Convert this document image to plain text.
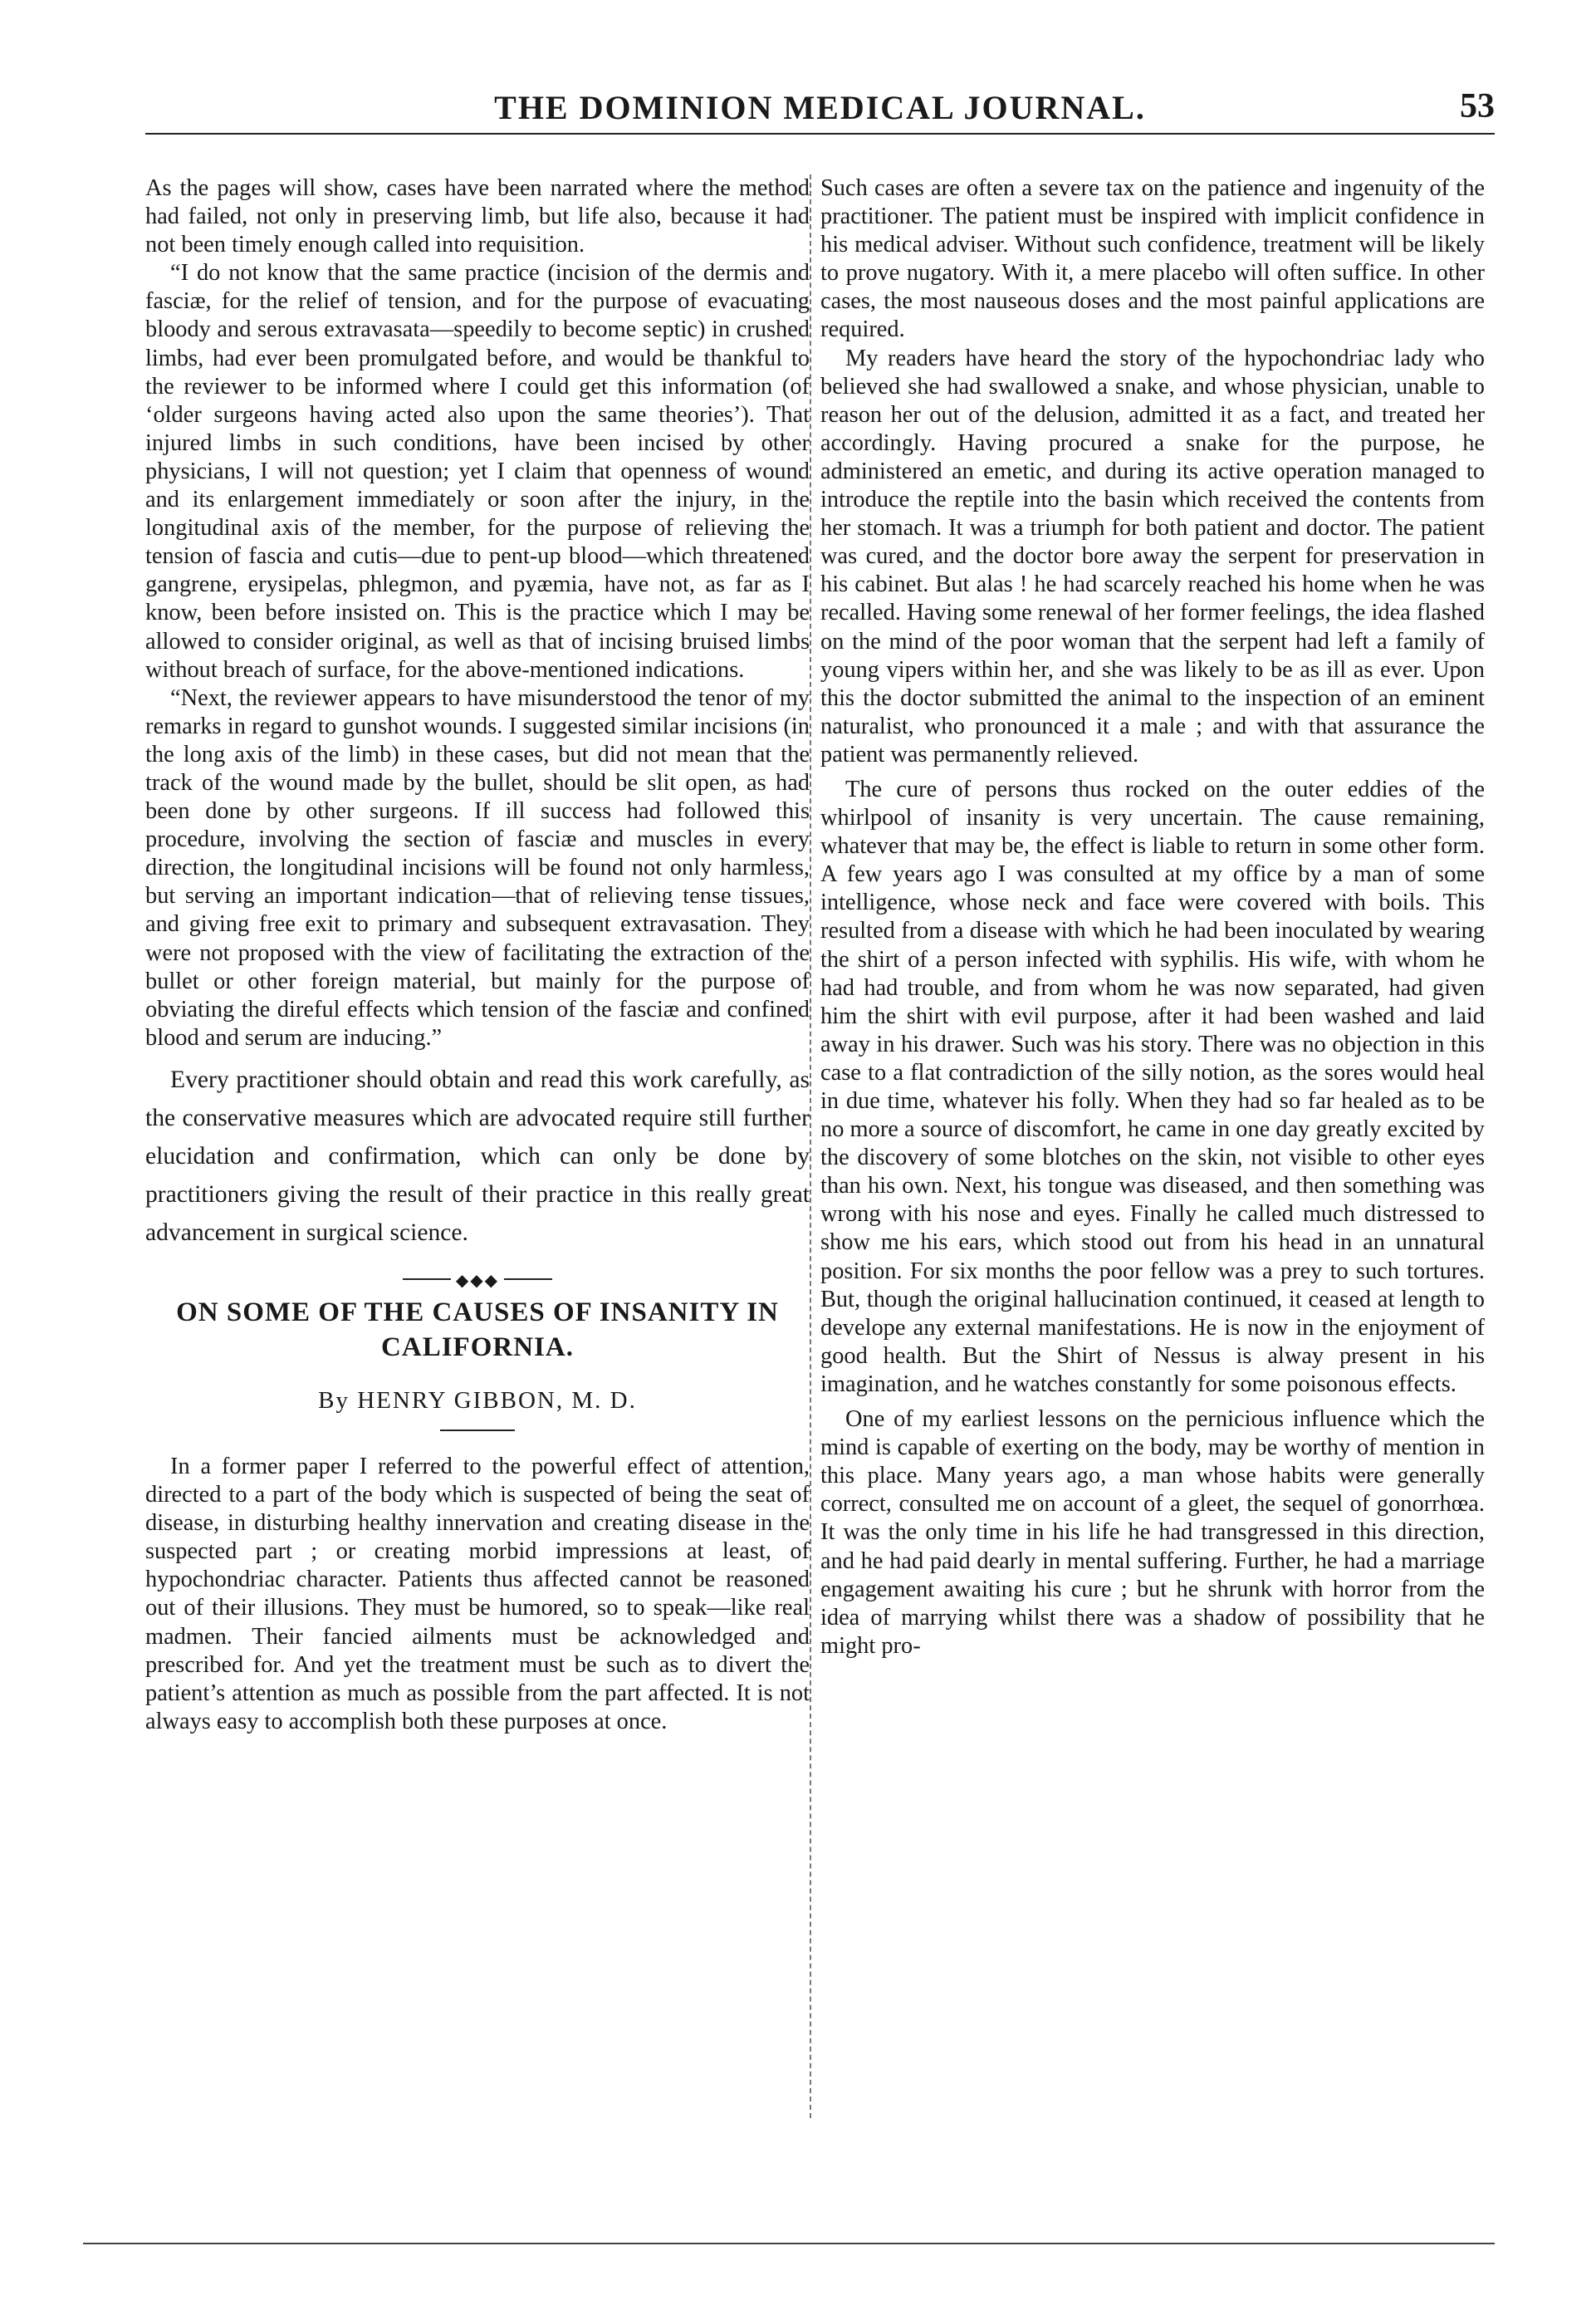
THE DOMINION MEDICAL JOURNAL.	53

As the pages will show, cases have been narrated where the method had failed, not only in preserving limb, but life also, because it had not been timely enough called into requisition.

“I do not know that the same practice (incision of the dermis and fasciæ, for the relief of tension, and for the purpose of evacuating bloody and serous extravasata—speedily to become septic) in crushed limbs, had ever been promulgated before, and would be thankful to the reviewer to be informed where I could get this information (of ‘older surgeons having acted also upon the same theories’). That injured limbs in such conditions, have been incised by other physicians, I will not question; yet I claim that openness of wound and its enlargement immediately or soon after the injury, in the longitudinal axis of the member, for the purpose of relieving the tension of fascia and cutis—due to pent-up blood—which threatened gangrene, erysipelas, phlegmon, and pyæmia, have not, as far as I know, been before insisted on. This is the practice which I may be allowed to consider original, as well as that of incising bruised limbs without breach of surface, for the above-mentioned indications.

“Next, the reviewer appears to have misunderstood the tenor of my remarks in regard to gunshot wounds. I suggested similar incisions (in the long axis of the limb) in these cases, but did not mean that the track of the wound made by the bullet, should be slit open, as had been done by other surgeons. If ill success had followed this procedure, involving the section of fasciæ and muscles in every direction, the longitudinal incisions will be found not only harmless, but serving an important indication—that of relieving tense tissues, and giving free exit to primary and subsequent extravasation. They were not proposed with the view of facilitating the extraction of the bullet or other foreign material, but mainly for the purpose of obviating the direful effects which tension of the fasciæ and confined blood and serum are inducing.”

Every practitioner should obtain and read this work carefully, as the conservative measures which are advocated require still further elucidation and confirmation, which can only be done by practitioners giving the result of their practice in this really great advancement in surgical science.

◆◆◆
ON SOME OF THE CAUSES OF INSANITY IN CALIFORNIA.
By HENRY GIBBON, M. D.

In a former paper I referred to the powerful effect of attention, directed to a part of the body which is suspected of being the seat of disease, in disturbing healthy innervation and creating disease in the suspected part ; or creating morbid impressions at least, of hypochondriac character. Patients thus affected cannot be reasoned out of their illusions. They must be humored, so to speak—like real madmen. Their fancied ailments must be acknowledged and prescribed for. And yet the treatment must be such as to divert the patient’s attention as much as possible from the part affected. It is not always easy to accomplish both these purposes at once.

Such cases are often a severe tax on the patience and ingenuity of the practitioner. The patient must be inspired with implicit confidence in his medical adviser. Without such confidence, treatment will be likely to prove nugatory. With it, a mere placebo will often suffice. In other cases, the most nauseous doses and the most painful applications are required.

My readers have heard the story of the hypochondriac lady who believed she had swallowed a snake, and whose physician, unable to reason her out of the delusion, admitted it as a fact, and treated her accordingly. Having procured a snake for the purpose, he administered an emetic, and during its active operation managed to introduce the reptile into the basin which received the contents from her stomach. It was a triumph for both patient and doctor. The patient was cured, and the doctor bore away the serpent for preservation in his cabinet. But alas ! he had scarcely reached his home when he was recalled. Having some renewal of her former feelings, the idea flashed on the mind of the poor woman that the serpent had left a family of young vipers within her, and she was likely to be as ill as ever. Upon this the doctor submitted the animal to the inspection of an eminent naturalist, who pronounced it a male ; and with that assurance the patient was permanently relieved.

The cure of persons thus rocked on the outer eddies of the whirlpool of insanity is very uncertain. The cause remaining, whatever that may be, the effect is liable to return in some other form. A few years ago I was consulted at my office by a man of some intelligence, whose neck and face were covered with boils. This resulted from a disease with which he had been inoculated by wearing the shirt of a person infected with syphilis. His wife, with whom he had had trouble, and from whom he was now separated, had given him the shirt with evil purpose, after it had been washed and laid away in his drawer. Such was his story. There was no objection in this case to a flat contradiction of the silly notion, as the sores would heal in due time, whatever his folly. When they had so far healed as to be no more a source of discomfort, he came in one day greatly excited by the discovery of some blotches on the skin, not visible to other eyes than his own. Next, his tongue was diseased, and then something was wrong with his nose and eyes. Finally he called much distressed to show me his ears, which stood out from his head in an unnatural position. For six months the poor fellow was a prey to such tortures. But, though the original hallucination continued, it ceased at length to develope any external manifestations. He is now in the enjoyment of good health. But the Shirt of Nessus is alway present in his imagination, and he watches constantly for some poisonous effects.

One of my earliest lessons on the pernicious influence which the mind is capable of exerting on the body, may be worthy of mention in this place. Many years ago, a man whose habits were generally correct, consulted me on account of a gleet, the sequel of gonorrhœa. It was the only time in his life he had transgressed in this direction, and he had paid dearly in mental suffering. Further, he had a marriage engagement awaiting his cure ; but he shrunk with horror from the idea of marrying whilst there was a shadow of possibility that he might pro-
